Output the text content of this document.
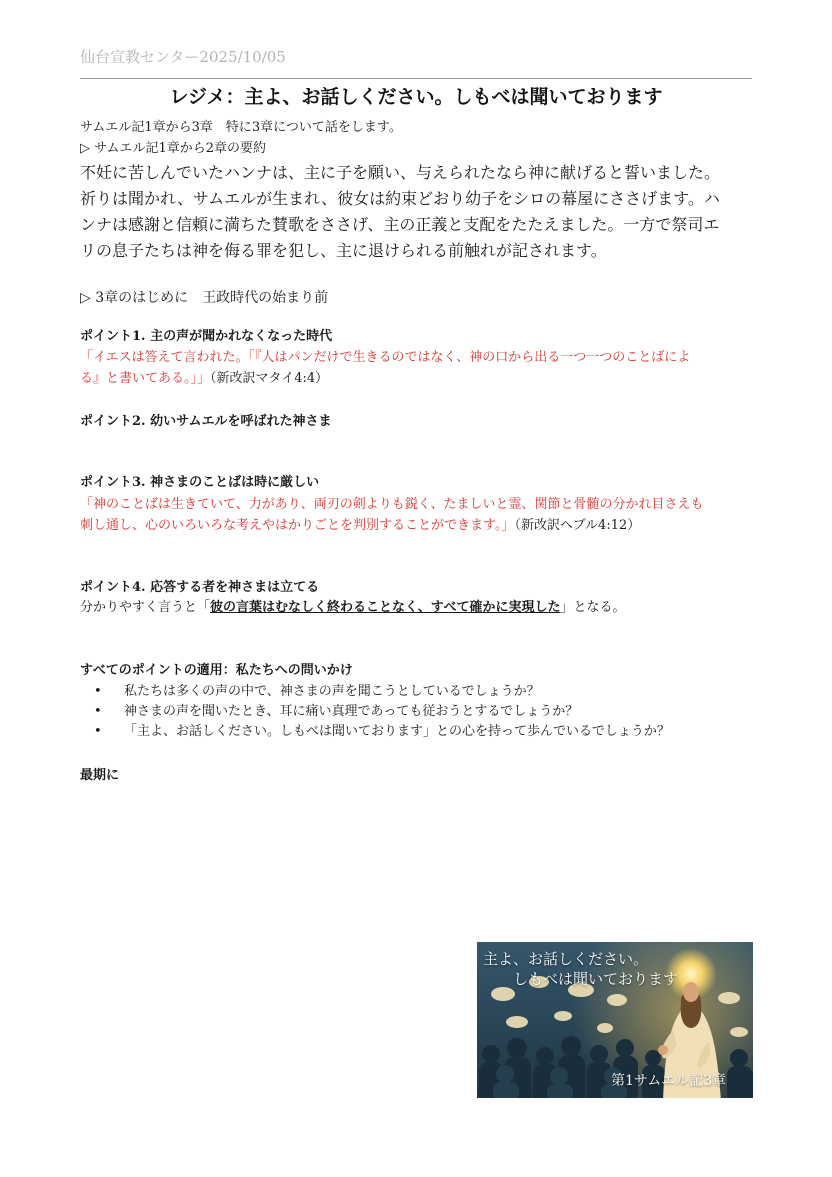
仙台宣教センター2025/10/05
レジメ：主よ、お話しください。しもべは聞いております
サムエル記1章から3章　特に3章について話をします。
▷ サムエル記1章から2章の要約
不妊に苦しんでいたハンナは、主に子を願い、与えられたなら神に献げると誓いました。
祈りは聞かれ、サムエルが生まれ、彼女は約束どおり幼子をシロの幕屋にささげます。ハ
ンナは感謝と信頼に満ちた賛歌をささげ、主の正義と支配をたたえました。一方で祭司エ
リの息子たちは神を侮る罪を犯し、主に退けられる前触れが記されます。
▷ 3章のはじめに　王政時代の始まり前
ポイント1. 主の声が聞かれなくなった時代
「イエスは答えて言われた。「『人はパンだけで生きるのではなく、神の口から出る一つ一つのことばによ
る』と書いてある。」」（新改訳マタイ4:4）
ポイント2. 幼いサムエルを呼ばれた神さま
ポイント3. 神さまのことばは時に厳しい
「神のことばは生きていて、力があり、両刃の剣よりも鋭く、たましいと霊、関節と骨髄の分かれ目さえも
刺し通し、心のいろいろな考えやはかりごとを判別することができます。」（新改訳ヘブル4:12）
ポイント4. 応答する者を神さまは立てる
分かりやすく言うと「彼の言葉はむなしく終わることなく、すべて確かに実現した」となる。
すべてのポイントの適用：私たちへの問いかけ
• 私たちは多くの声の中で、神さまの声を聞こうとしているでしょうか？
• 神さまの声を聞いたとき、耳に痛い真理であっても従おうとするでしょうか？
• 「主よ、お話しください。しもべは聞いております」との心を持って歩んでいるでしょうか？
最期に
主よ、お話しください。
しもべは聞いております
第1サムエル記3章
